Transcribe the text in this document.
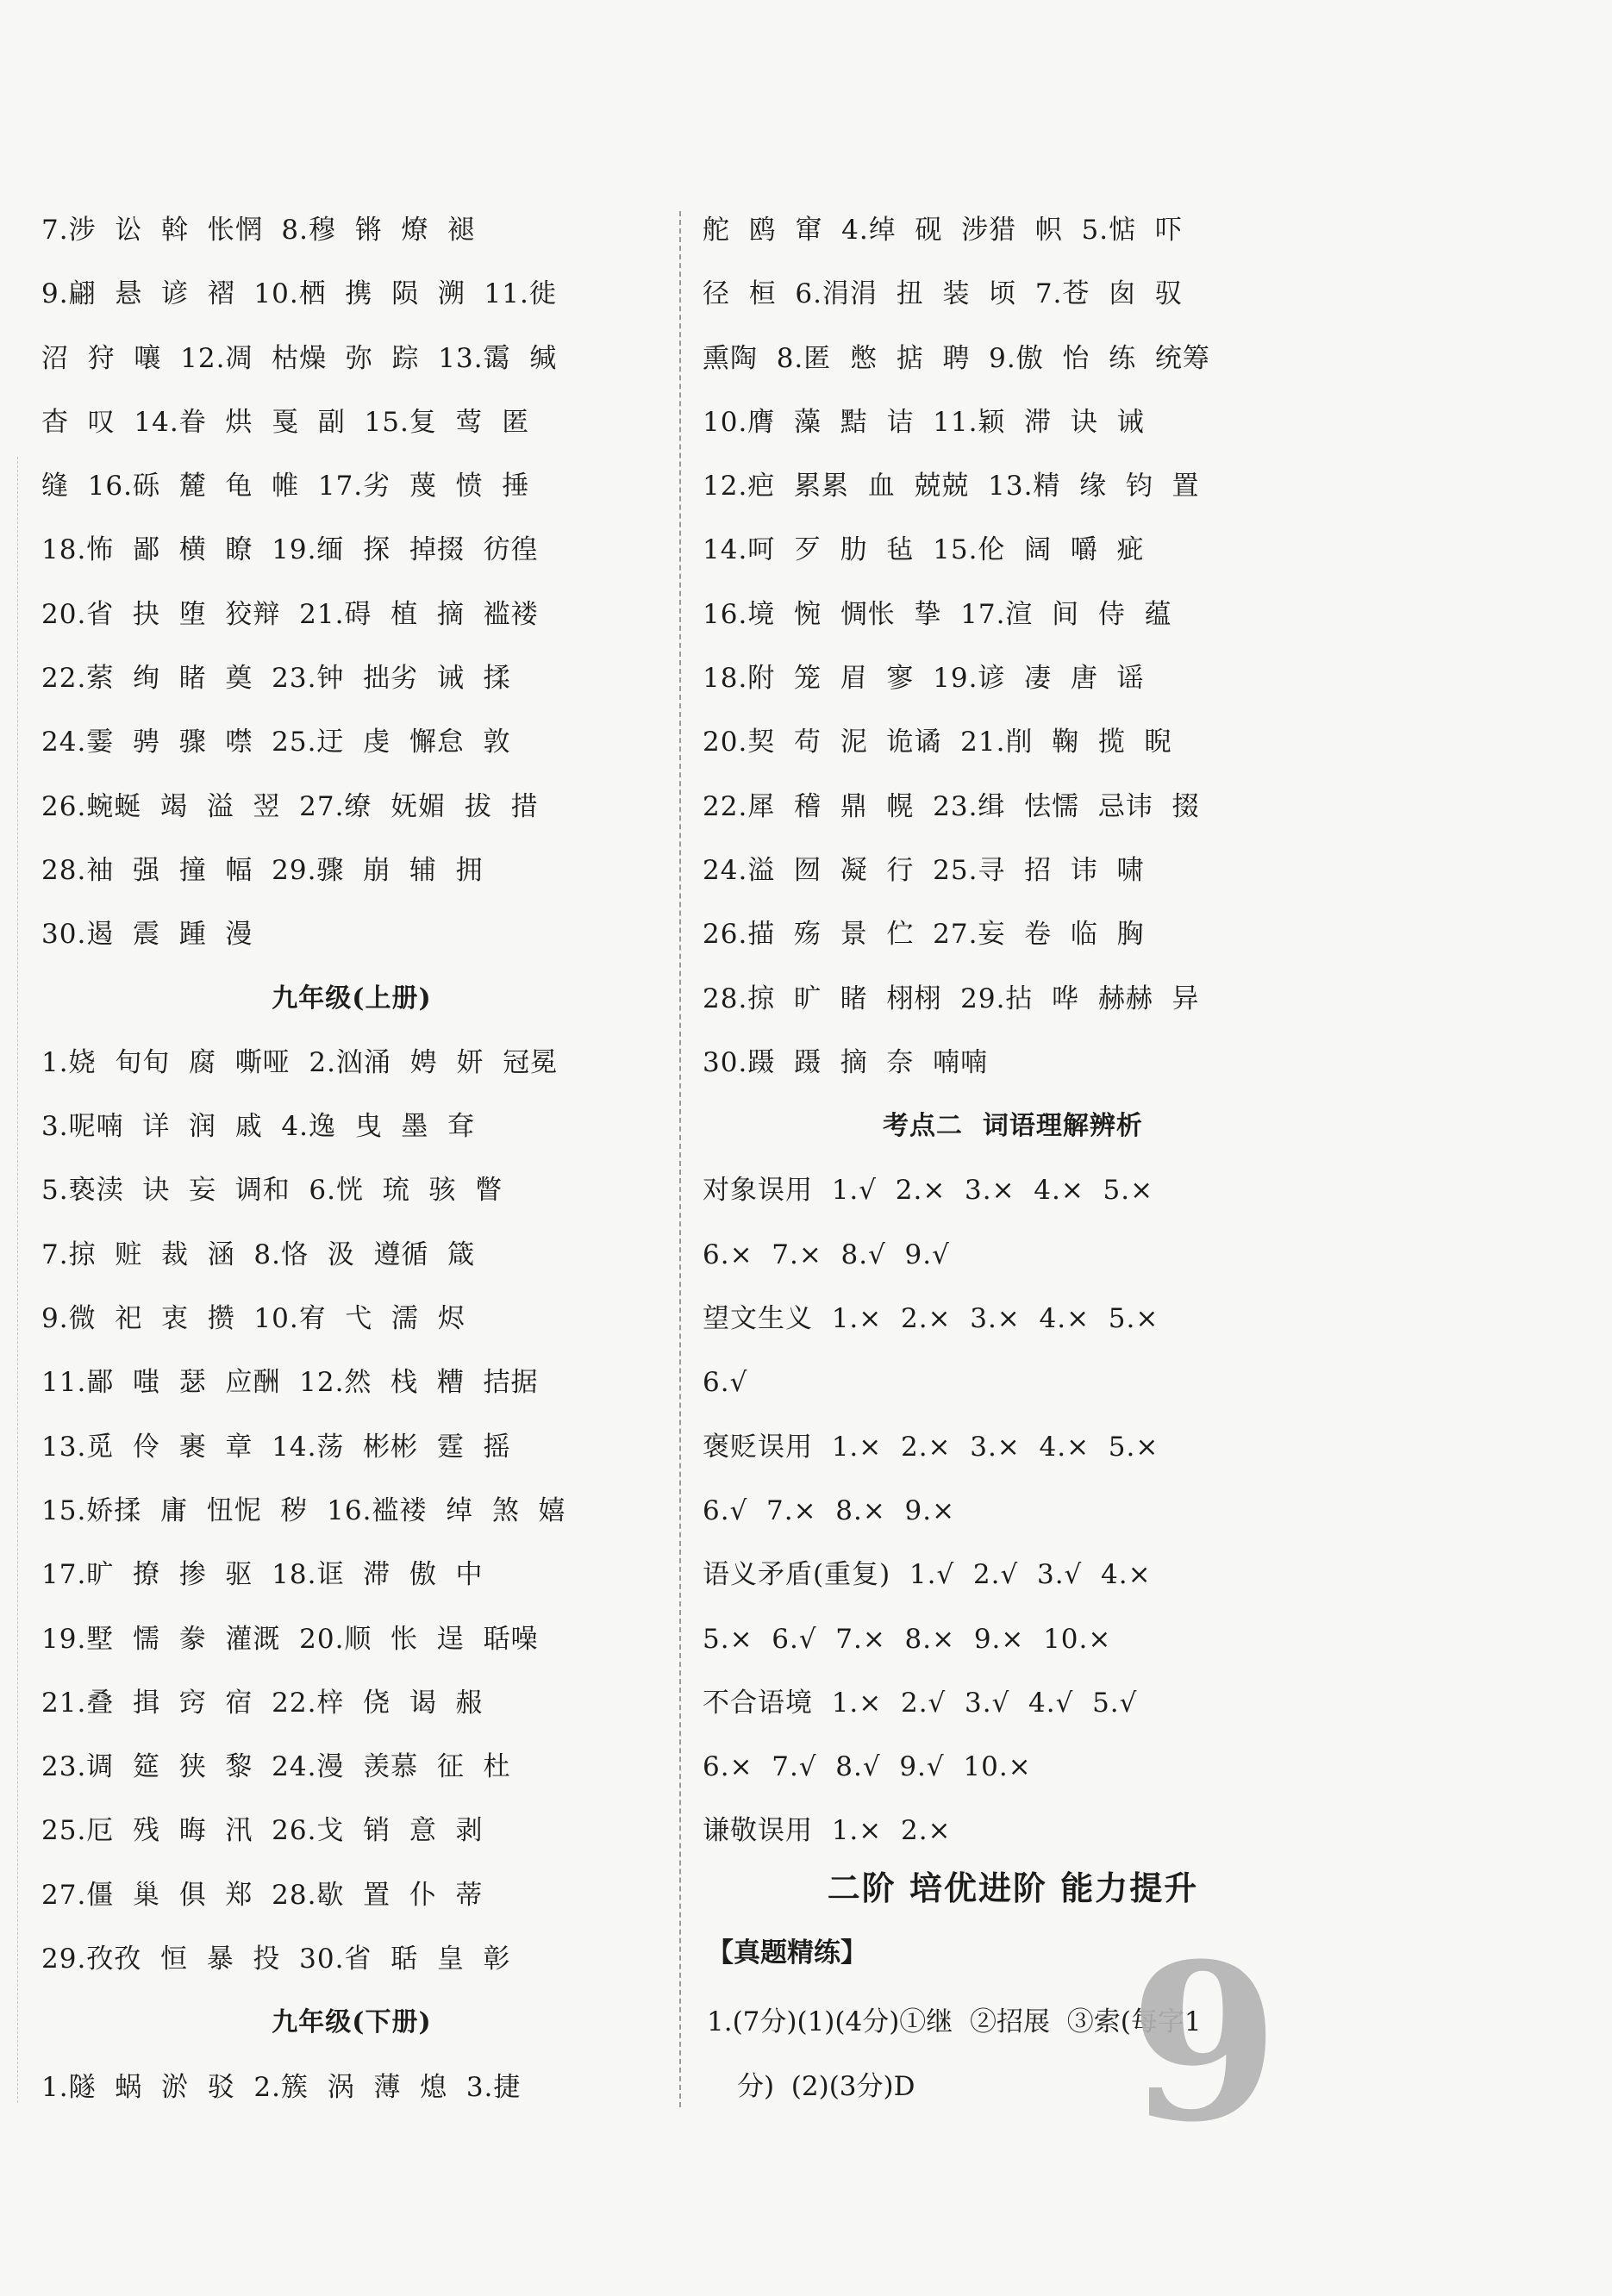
7.涉  讼  斡  怅惘  8.穆  锵  燎  褪
9.翩  悬  谚  褶  10.栖  携  陨  溯  11.徙
沼  狩  嚷  12.凋  枯燥  弥  踪  13.霭  缄
杳  叹  14.眷  烘  戛  副  15.复  莺  匿
缝  16.砾  麓  龟  帷  17.劣  蔑  愤  捶
18.怖  鄙  横  瞭  19.缅  探  掉掇  彷徨
20.省  抉  堕  狡辩  21.碍  植  摘  褴褛
22.萦  绚  睹  奠  23.钟  拙劣  诫  揉
24.霎  骋  骤  噤  25.迂  虔  懈怠  敦
26.蜿蜒  竭  溢  翌  27.缭  妩媚  拔  措
28.袖  强  撞  幅  29.骤  崩  辅  拥
30.遏  震  踵  漫
九年级(上册)
1.娆  旬旬  腐  嘶哑  2.汹涌  娉  妍  冠冕
3.呢喃  详  润  戚  4.逸  曳  墨  耷
5.亵渎  诀  妄  调和  6.恍  琉  骇  瞥
7.掠  赃  裁  涵  8.恪  汲  遵循  箴
9.微  祀  衷  攒  10.宥  弋  濡  烬
11.鄙  嗤  瑟  应酬  12.然  栈  糟  拮据
13.觅  伶  裹  章  14.荡  彬彬  霆  摇
15.娇揉  庸  忸怩  秽  16.褴褛  绰  煞  嬉
17.旷  撩  掺  驱  18.诓  滞  傲  中
19.墅  懦  豢  灌溉  20.顺  怅  逞  聒噪
21.叠  揖  窍  宿  22.梓  侥  谒  赧
23.调  筵  狭  黎  24.漫  羡慕  征  杜
25.厄  残  晦  汛  26.戈  销  意  剥
27.僵  巢  俱  郑  28.歇  置  仆  蒂
29.孜孜  恒  暴  投  30.省  聒  皇  彰
九年级(下册)
1.隧  蜗  淤  驳  2.簇  涡  薄  熄  3.捷
舵  鸥  窜  4.绰  砚  涉猎  帜  5.惦  吓
径  桓  6.涓涓  扭  装  顷  7.苍  囱  驭
熏陶  8.匿  憋  掂  聘  9.傲  怡  练  统筹
10.膺  藻  黠  诘  11.颖  滞  诀  诫
12.疤  累累  血  兢兢  13.精  缘  钧  置
14.呵  歹  肋  毡  15.伦  阔  嚼  疵
16.境  惋  惆怅  挚  17.渲  间  侍  蕴
18.附  笼  眉  寥  19.谚  凄  唐  谣
20.契  苟  泥  诡谲  21.削  鞠  揽  睨
22.犀  稽  鼎  幌  23.缉  怯懦  忌讳  掇
24.溢  囫  凝  行  25.寻  招  讳  啸
26.描  殇  景  伫  27.妄  卷  临  胸
28.掠  旷  睹  栩栩  29.拈  哗  赫赫  异
30.蹑  蹑  摘  奈  喃喃
考点二  词语理解辨析
对象误用  1.√  2.×  3.×  4.×  5.×
6.×  7.×  8.√  9.√
望文生义  1.×  2.×  3.×  4.×  5.×
6.√
褒贬误用  1.×  2.×  3.×  4.×  5.×
6.√  7.×  8.×  9.×
语义矛盾(重复)  1.√  2.√  3.√  4.×
5.×  6.√  7.×  8.×  9.×  10.×
不合语境  1.×  2.√  3.√  4.√  5.√
6.×  7.√  8.√  9.√  10.×
谦敬误用  1.×  2.×
二阶 培优进阶 能力提升
【真题精练】
1.(7分)(1)(4分)①继  ②招展  ③索(每字1
分)  (2)(3分)D 9
